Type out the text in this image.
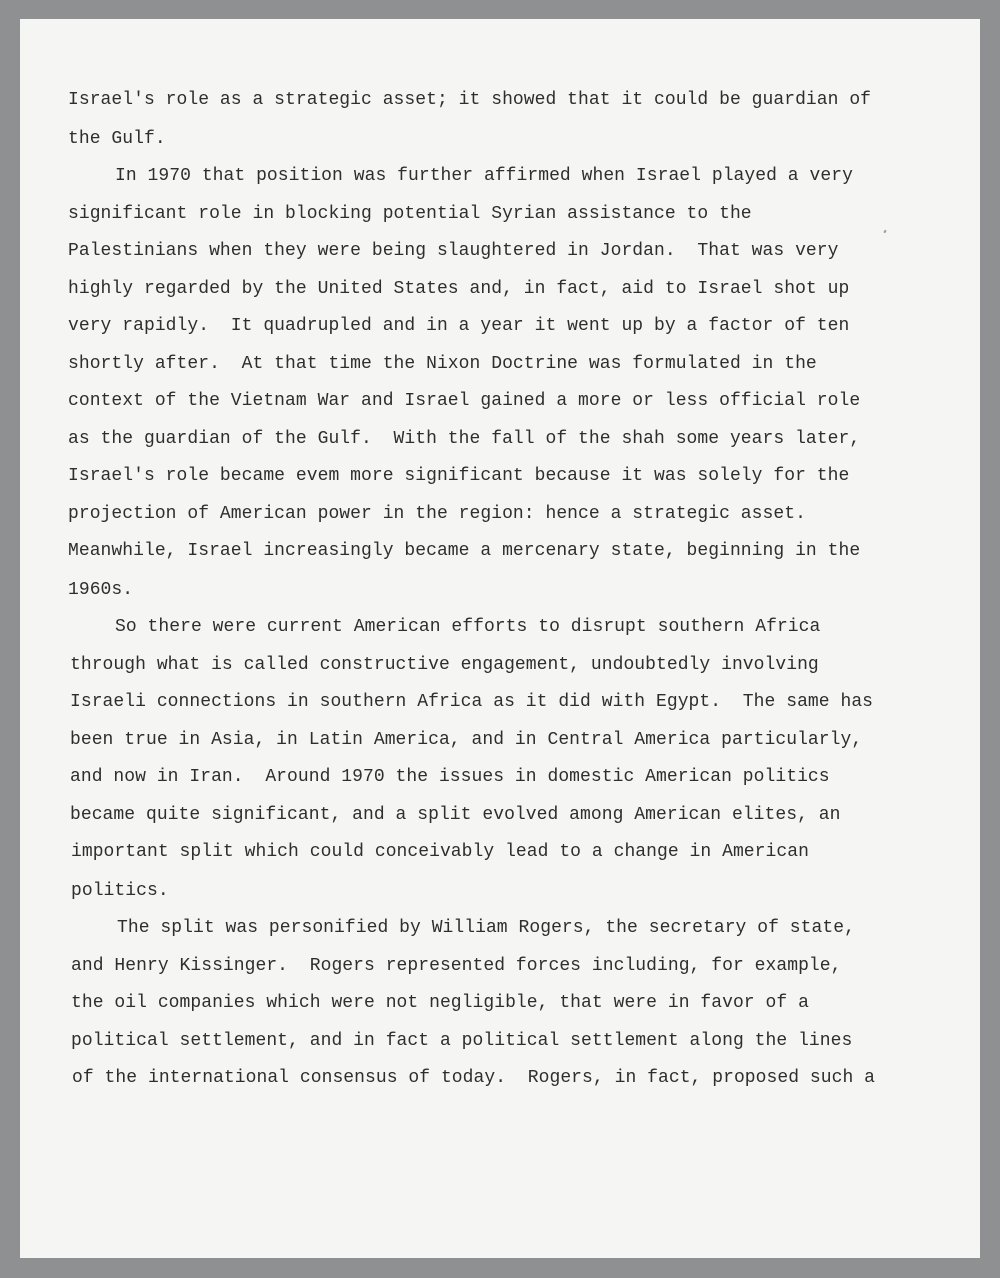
Israel's role as a strategic asset; it showed that it could be guardian of
the Gulf.
In 1970 that position was further affirmed when Israel played a very
significant role in blocking potential Syrian assistance to the
Palestinians when they were being slaughtered in Jordan.  That was very
highly regarded by the United States and, in fact, aid to Israel shot up
very rapidly.  It quadrupled and in a year it went up by a factor of ten
shortly after.  At that time the Nixon Doctrine was formulated in the
context of the Vietnam War and Israel gained a more or less official role
as the guardian of the Gulf.  With the fall of the shah some years later,
Israel's role became evem more significant because it was solely for the
projection of American power in the region: hence a strategic asset.
Meanwhile, Israel increasingly became a mercenary state, beginning in the
1960s.
So there were current American efforts to disrupt southern Africa
through what is called constructive engagement, undoubtedly involving
Israeli connections in southern Africa as it did with Egypt.  The same has
been true in Asia, in Latin America, and in Central America particularly,
and now in Iran.  Around 1970 the issues in domestic American politics
became quite significant, and a split evolved among American elites, an
important split which could conceivably lead to a change in American
politics.
The split was personified by William Rogers, the secretary of state,
and Henry Kissinger.  Rogers represented forces including, for example,
the oil companies which were not negligible, that were in favor of a
political settlement, and in fact a political settlement along the lines
of the international consensus of today.  Rogers, in fact, proposed such a
